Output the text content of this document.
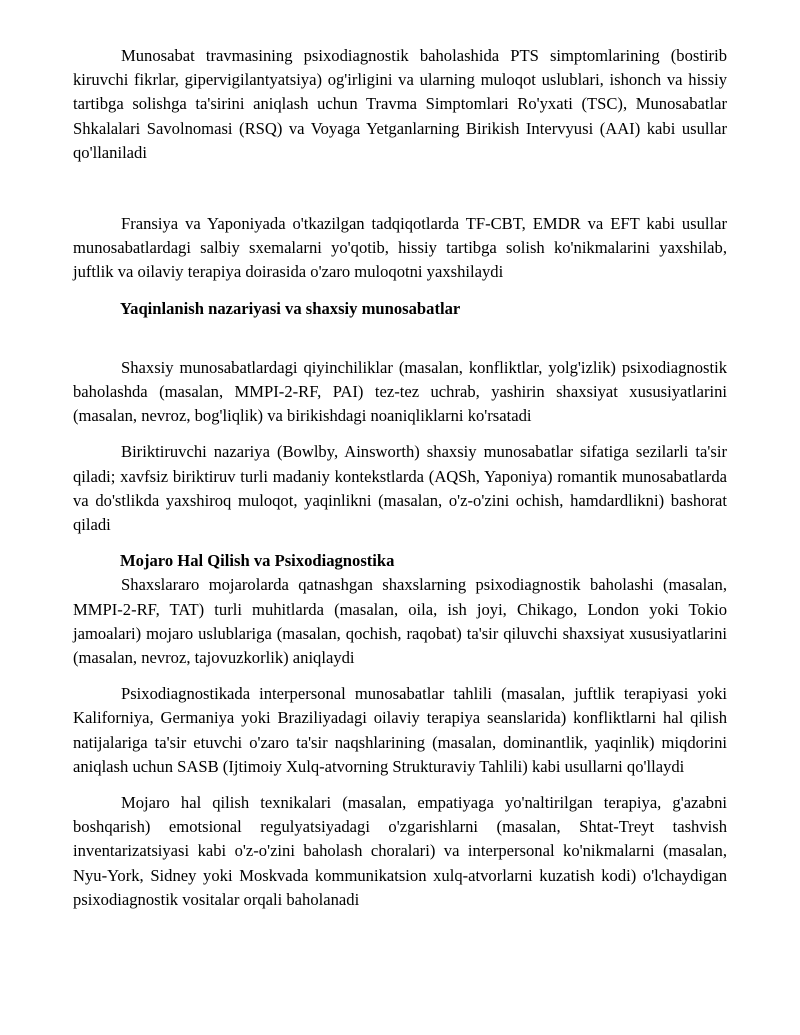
Munosabat travmasining psixodiagnostik baholashida PTS simptomlarining (bostirib kiruvchi fikrlar, gipervigilantyatsiya) og'irligini va ularning muloqot uslublari, ishonch va hissiy tartibga solishga ta'sirini aniqlash uchun Travma Simptomlari Ro'yxati (TSC), Munosabatlar Shkalalari Savolnomasi (RSQ) va Voyaga Yetganlarning Birikish Intervyusi (AAI) kabi usullar qo'llaniladi

Fransiya va Yaponiyada o'tkazilgan tadqiqotlarda TF-CBT, EMDR va EFT kabi usullar munosabatlardagi salbiy sxemalarni yo'qotib, hissiy tartibga solish ko'nikmalarini yaxshilab, juftlik va oilaviy terapiya doirasida o'zaro muloqotni yaxshilaydi

Yaqinlanish nazariyasi va shaxsiy munosabatlar

Shaxsiy munosabatlardagi qiyinchiliklar (masalan, konfliktlar, yolg'izlik) psixodiagnostik baholashda (masalan, MMPI-2-RF, PAI) tez-tez uchrab, yashirin shaxsiyat xususiyatlarini (masalan, nevroz, bog'liqlik) va birikishdagi noaniqliklarni ko'rsatadi

Biriktiruvchi nazariya (Bowlby, Ainsworth) shaxsiy munosabatlar sifatiga sezilarli ta'sir qiladi; xavfsiz biriktiruv turli madaniy kontekstlarda (AQSh, Yaponiya) romantik munosabatlarda va do'stlikda yaxshiroq muloqot, yaqinlikni (masalan, o'z-o'zini ochish, hamdardlikni) bashorat qiladi

Mojaro Hal Qilish va Psixodiagnostika

Shaxslararo mojarolarda qatnashgan shaxslarning psixodiagnostik baholashi (masalan, MMPI-2-RF, TAT) turli muhitlarda (masalan, oila, ish joyi, Chikago, London yoki Tokio jamoalari) mojaro uslublariga (masalan, qochish, raqobat) ta'sir qiluvchi shaxsiyat xususiyatlarini (masalan, nevroz, tajovuzkorlik) aniqlaydi

Psixodiagnostikada interpersonal munosabatlar tahlili (masalan, juftlik terapiyasi yoki Kaliforniya, Germaniya yoki Braziliyadagi oilaviy terapiya seanslarida) konfliktlarni hal qilish natijalariga ta'sir etuvchi o'zaro ta'sir naqshlarining (masalan, dominantlik, yaqinlik) miqdorini aniqlash uchun SASB (Ijtimoiy Xulq-atvorning Strukturaviy Tahlili) kabi usullarni qo'llaydi

Mojaro hal qilish texnikalari (masalan, empatiyaga yo'naltirilgan terapiya, g'azabni boshqarish) emotsional regulyatsiyadagi o'zgarishlarni (masalan, Shtat-Treyt tashvish inventarizatsiyasi kabi o'z-o'zini baholash choralari) va interpersonal ko'nikmalarni (masalan, Nyu-York, Sidney yoki Moskvada kommunikatsion xulq-atvorlarni kuzatish kodi) o'lchaydigan psixodiagnostik vositalar orqali baholanadi
